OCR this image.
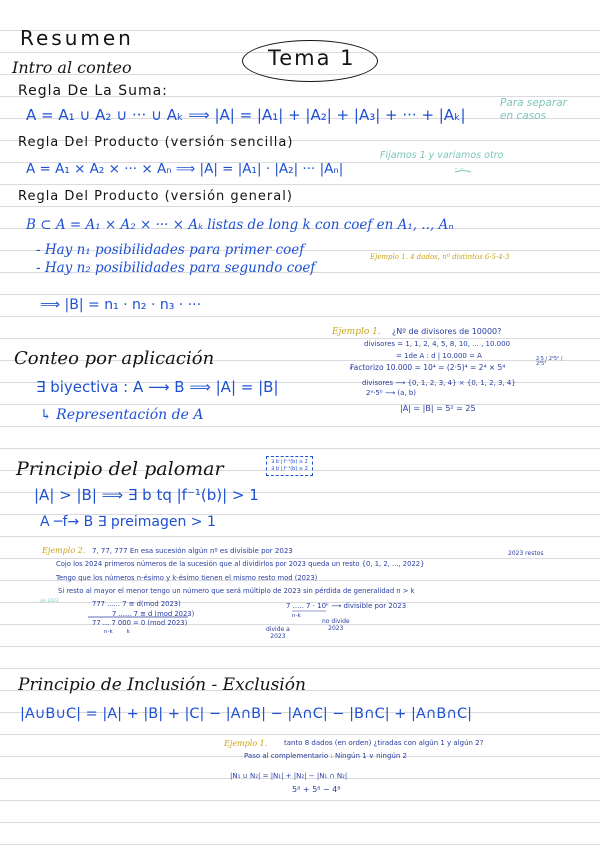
Resumen
Tema 1
Intro al conteo
Regla De La Suma:
A = A₁ ∪ A₂ ∪ ··· ∪ Aₖ ⟹ |A| = |A₁| + |A₂| + |A₃| + ··· + |Aₖ|
Para separar
en casos
Regla Del Producto (versión sencilla)
A = A₁ × A₂ × ··· × Aₙ ⟹ |A| = |A₁| · |A₂| ··· |Aₙ|
Fijamos 1 y variamos otro
- -
Regla Del Producto (versión general)
B ⊂ A = A₁ × A₂ × ··· × Aₖ listas de long k con coef en A₁, .., Aₙ
- Hay n₁ posibilidades para primer coef
- Hay n₂ posibilidades para segundo coef
Ejemplo 1. 4 dados, nº distintos 6·5·4·3
⟹ |B| = n₁ · n₂ · n₃ · ···
Conteo por aplicación
∃ biyectiva : A ⟶ B ⟹ |A| = |B|
↳ Representación de A
Ejemplo 1. ¿Nº de divisores de 10000?
divisores = 1, 1, 2, 4, 5, 8, 10, ... , 10.000
= 1de A : d | 10.000 = A
Factorizo 10.000 = 10⁴ = (2·5)⁴ = 2⁴ × 5⁴
2·5 / 2²5² / 2³5³
divisores ⟶ {0, 1, 2, 3, 4} × {0, 1, 2, 3, 4}
2ᵃ·5ᵇ ⟶ (a, b)
|A| = |B| = 5² = 25
Principio del palomar	∃ b | f⁻¹(b) ≥ 2
∃ b | f⁻¹(b) ≥ 2
|A| > |B| ⟹ ∃ b tq |f⁻¹(b)| > 1
A ─f→ B ∃ preimagen > 1
Ejemplo 2. 7, 77, 777 En esa sucesión algún nº es divisible por 2023	2023 restos
Cojo los 2024 primeros números de la sucesión que al dividirlos por 2023 queda un resto {0, 1, 2, ..., 2022}
Tengo que los números n-ésimo y k-ésimo tienen el mismo resto mod (2023)
Si resto al mayor el menor tengo un número que será múltiplo de 2023 sin pérdida de generalidad n > k
777 ...... 7 ≡ d(mod 2023)
7 ...... 7 ≡ d (mod 2023)
77 ... 7 000 = 0 (mod 2023)
n-k        k
7 ..... 7 · 10ᵏ ⟶ divisible por 2023
n-k
divide a
2023
no divide
2023
∴ de 2023
Principio de Inclusión - Exclusión
|A∪B∪C| = |A| + |B| + |C| − |A∩B| − |A∩C| − |B∩C| + |A∩B∩C|
Ejemplo 1. tanto 8 dados (en orden) ¿tiradas con algún 1 y algún 2?
Paso al complementario : Ningún 1 ∨ ningún 2
|N₁ ∪ N₂| = |N₁| + |N₂| − |N₁ ∩ N₂|
5⁸ + 5⁸ − 4⁸
